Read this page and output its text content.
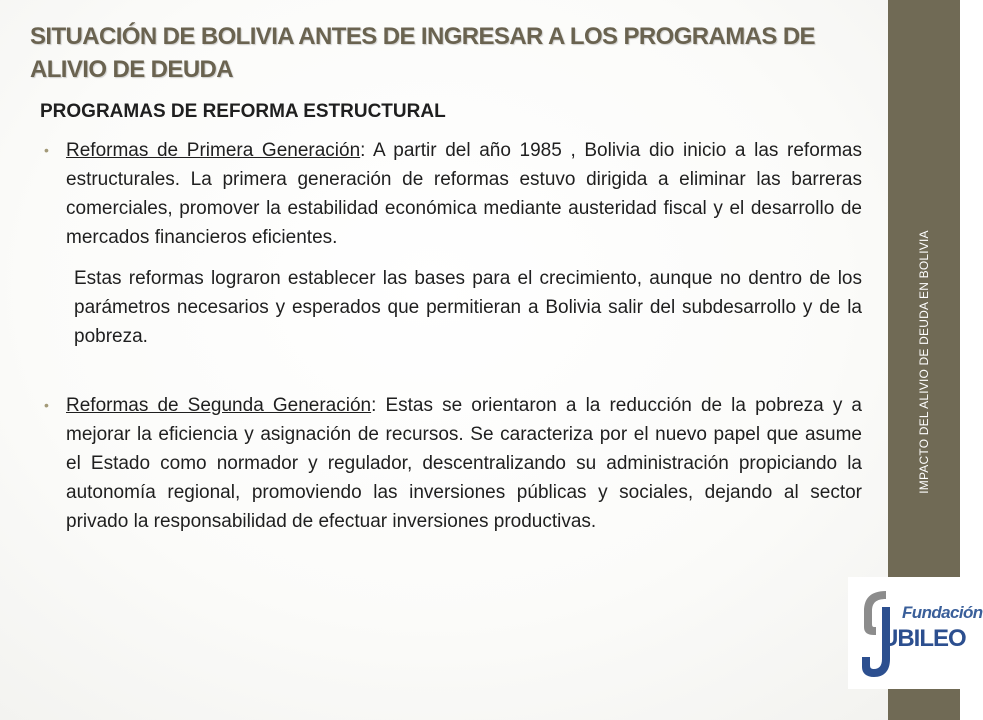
IMPACTO DEL ALIVIO DE DEUDA EN BOLIVIA
SITUACIÓN DE BOLIVIA ANTES DE INGRESAR A LOS PROGRAMAS DE ALIVIO DE DEUDA

PROGRAMAS DE REFORMA ESTRUCTURAL

•
Reformas de Primera Generación: A partir del año 1985 , Bolivia dio inicio a las reformas estructurales. La primera generación de reformas estuvo dirigida a eliminar las barreras comerciales, promover la estabilidad económica mediante austeridad fiscal y el desarrollo de mercados financieros eficientes.

Estas reformas lograron establecer las bases para el crecimiento, aunque no dentro de los parámetros necesarios y esperados que permitieran a Bolivia salir del subdesarrollo y de la pobreza.

•
Reformas de Segunda Generación: Estas se orientaron a la reducción de la pobreza y a mejorar la eficiencia y asignación de recursos. Se caracteriza por el nuevo papel que asume el Estado como normador y regulador, descentralizando su administración propiciando la autonomía regional, promoviendo las inversiones públicas y sociales, dejando al sector privado la responsabilidad de efectuar inversiones productivas.

Fundación
UBILEO
